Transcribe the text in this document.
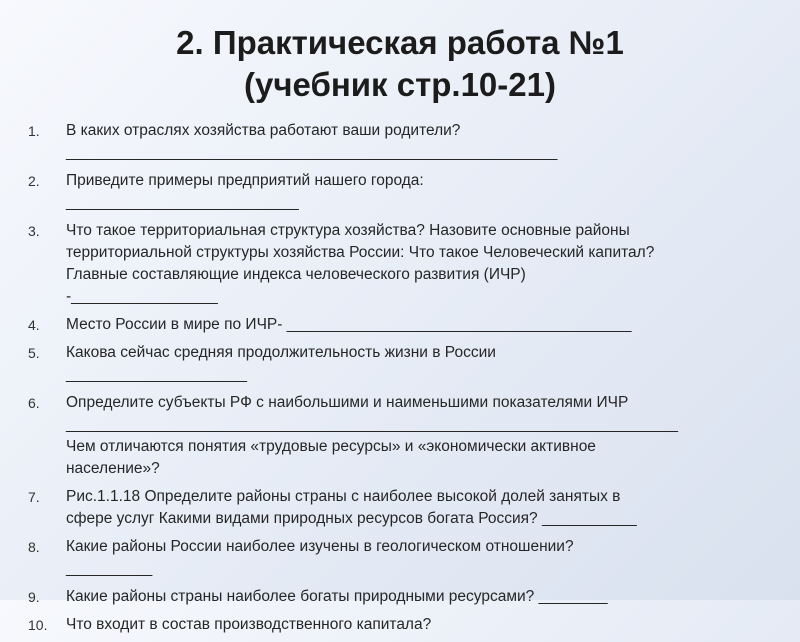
2. Практическая работа №1
(учебник стр.10-21)
1.	В каких отраслях хозяйства работают ваши родители?
_________________________________________________________
2.	Приведите примеры предприятий нашего города:
___________________________
3.	Что такое территориальная структура хозяйства? Назовите основные районы
территориальной структуры хозяйства России: Что такое Человеческий капитал?
Главные составляющие индекса человеческого развития (ИЧР)
-_________________
4.	Место России в мире по ИЧР- ________________________________________
5.	Какова сейчас средняя продолжительность жизни в России
_____________________
6.	Определите субъекты РФ с наибольшими и наименьшими показателями ИЧР
_______________________________________________________________________
Чем отличаются понятия «трудовые ресурсы» и «экономически активное
население»?
7.	Рис.1.1.18 Определите районы страны с наиболее высокой долей занятых в
сфере услуг Какими видами природных ресурсов богата Россия? ___________
8.	Какие районы России наиболее изучены в геологическом отношении?
__________
9.	Какие районы страны наиболее богаты природными ресурсами? ________
10.	Что входит в состав производственного капитала?
